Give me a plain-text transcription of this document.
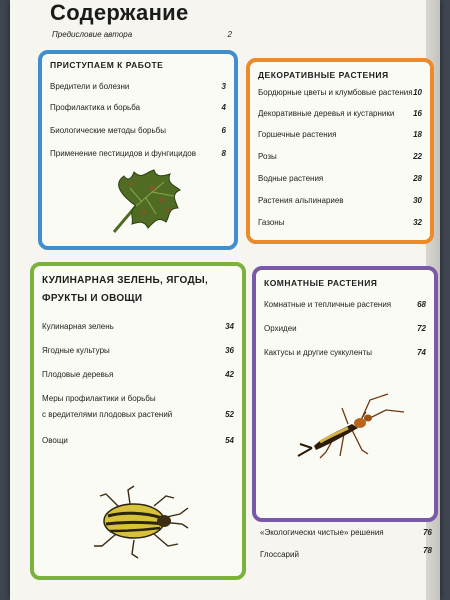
Содержание
Предисловие автора	2
ПРИСТУПАЕМ К РАБОТЕ
Вредители и болезни	3
Профилактика и борьба	4
Биологические методы борьбы	6
Применение пестицидов и фунгицидов	8
ДЕКОРАТИВНЫЕ РАСТЕНИЯ
Бордюрные цветы и клумбовые растения 10
Декоративные деревья и кустарники 16
Горшечные растения	18
Розы	22
Водные растения	28
Растения альпинариев	30
Газоны	32
КУЛИНАРНАЯ ЗЕЛЕНЬ, ЯГОДЫ,
ФРУКТЫ И ОВОЩИ
Кулинарная зелень	34
Ягодные культуры	36
Плодовые деревья	42
Меры профилактики и борьбы
с вредителями плодовых растений	52
Овощи	54
КОМНАТНЫЕ РАСТЕНИЯ
Комнатные и тепличные растения	68
Орхидеи	72
Кактусы и другие суккуленты	74
«Экологически чистые» решения	76
Глоссарий	78
